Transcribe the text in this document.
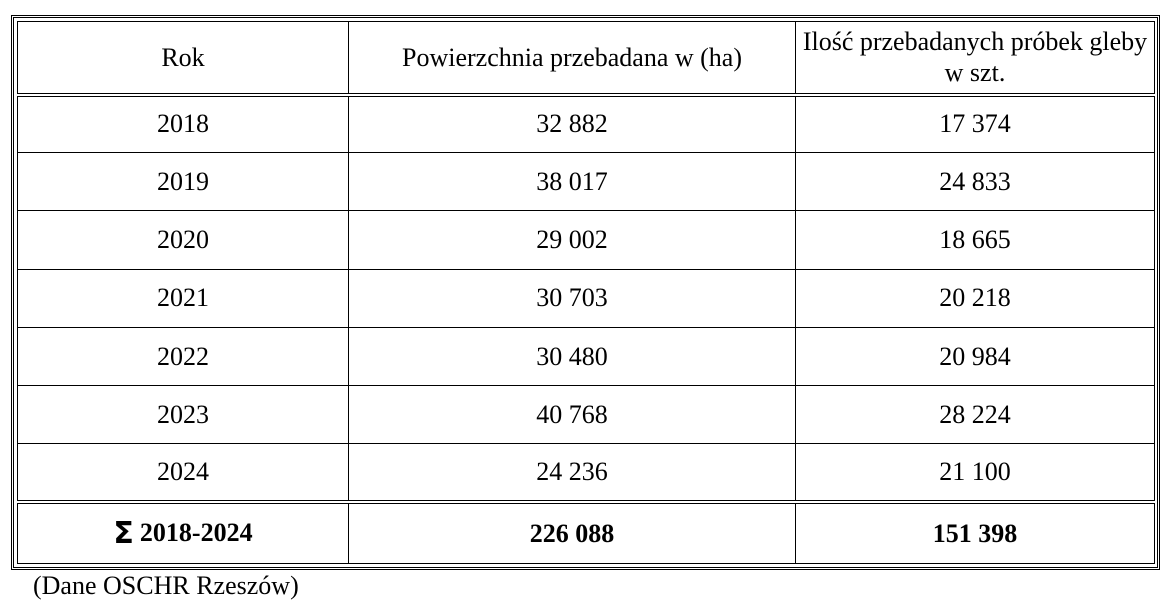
Rok	Powierzchnia przebadana w (ha)	Ilość przebadanych próbek gleby w szt.
2018	32 882	17 374
2019	38 017	24 833
2020	29 002	18 665
2021	30 703	20 218
2022	30 480	20 984
2023	40 768	28 224
2024	24 236	21 100
Σ 2018-2024	226 088	151 398
(Dane OSCHR Rzeszów)
